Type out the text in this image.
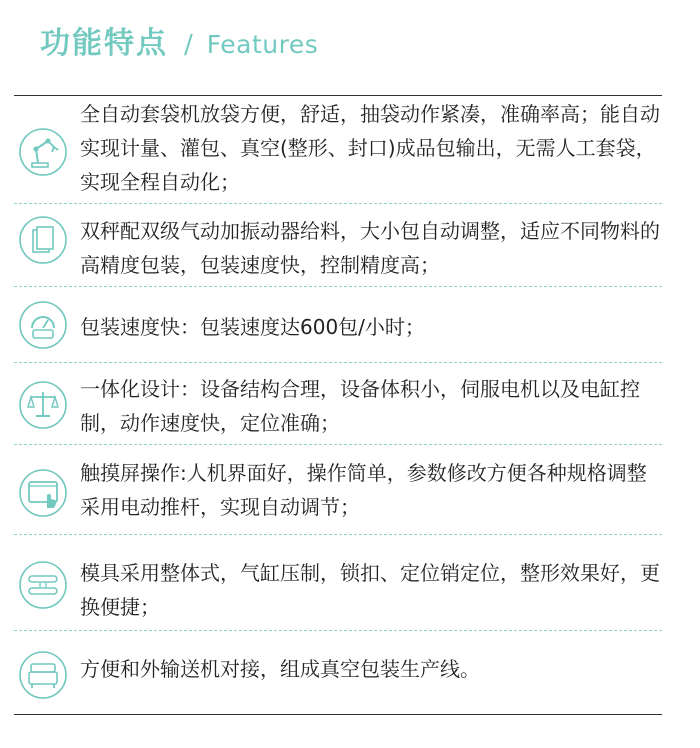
功能特点 / Features
全自动套袋机放袋方便，舒适，抽袋动作紧凑，准确率高；能自动实现计量、灌包、真空(整形、封口)成品包输出，无需人工套袋，实现全程自动化；
双秤配双级气动加振动器给料，大小包自动调整，适应不同物料的高精度包装，包装速度快，控制精度高；
包装速度快：包装速度达600包/小时；
一体化设计：设备结构合理，设备体积小，伺服电机以及电缸控制，动作速度快，定位准确；
触摸屏操作:人机界面好，操作简单，参数修改方便各种规格调整采用电动推杆，实现自动调节；
模具采用整体式，气缸压制，锁扣、定位销定位，整形效果好，更换便捷；
方便和外输送机对接，组成真空包装生产线。
